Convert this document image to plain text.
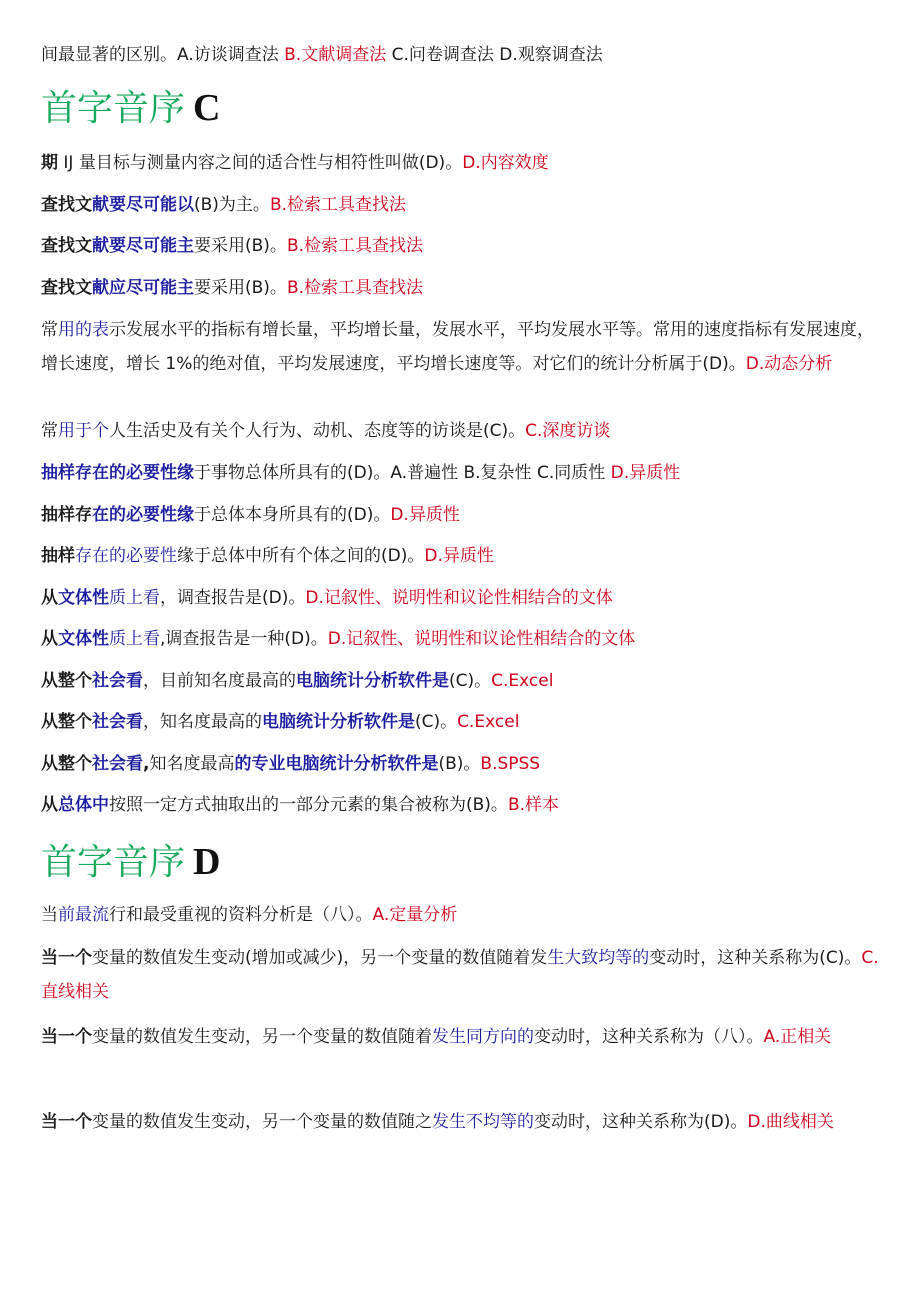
间最显著的区别。A.访谈调查法 B.文献调查法 C.问卷调查法 D.观察调查法
首字音序 C
期 IJ 量目标与测量内容之间的适合性与相符性叫做(D)。D.内容效度
查找文献要尽可能以(B)为主。B.检索工具查找法
查找文献要尽可能主要采用(B)。B.检索工具查找法
查找文献应尽可能主要采用(B)。B.检索工具查找法
常用的表示发展水平的指标有增长量，平均增长量，发展水平，平均发展水平等。常用的速度指标有发展速度，增长速度，增长 1%的绝对值，平均发展速度，平均增长速度等。对它们的统计分析属于(D)。D.动态分析
常用于个人生活史及有关个人行为、动机、态度等的访谈是(C)。C.深度访谈
抽样存在的必要性缘于事物总体所具有的(D)。A.普遍性 B.复杂性 C.同质性 D.异质性
抽样存在的必要性缘于总体本身所具有的(D)。D.异质性
抽样存在的必要性缘于总体中所有个体之间的(D)。D.异质性
从文体性质上看，调查报告是(D)。D.记叙性、说明性和议论性相结合的文体
从文体性质上看,调查报告是一种(D)。D.记叙性、说明性和议论性相结合的文体
从整个社会看，目前知名度最高的电脑统计分析软件是(C)。C.Excel
从整个社会看，知名度最高的电脑统计分析软件是(C)。C.Excel
从整个社会看,知名度最高的专业电脑统计分析软件是(B)。B.SPSS
从总体中按照一定方式抽取出的一部分元素的集合被称为(B)。B.样本
首字音序 D
当前最流行和最受重视的资料分析是（八）。A.定量分析
当一个变量的数值发生变动(增加或减少)，另一个变量的数值随着发生大致均等的变动时，这种关系称为(C)。C.直线相关
当一个变量的数值发生变动，另一个变量的数值随着发生同方向的变动时，这种关系称为（八）。A.正相关
当一个变量的数值发生变动，另一个变量的数值随之发生不均等的变动时，这种关系称为(D)。D.曲线相关
